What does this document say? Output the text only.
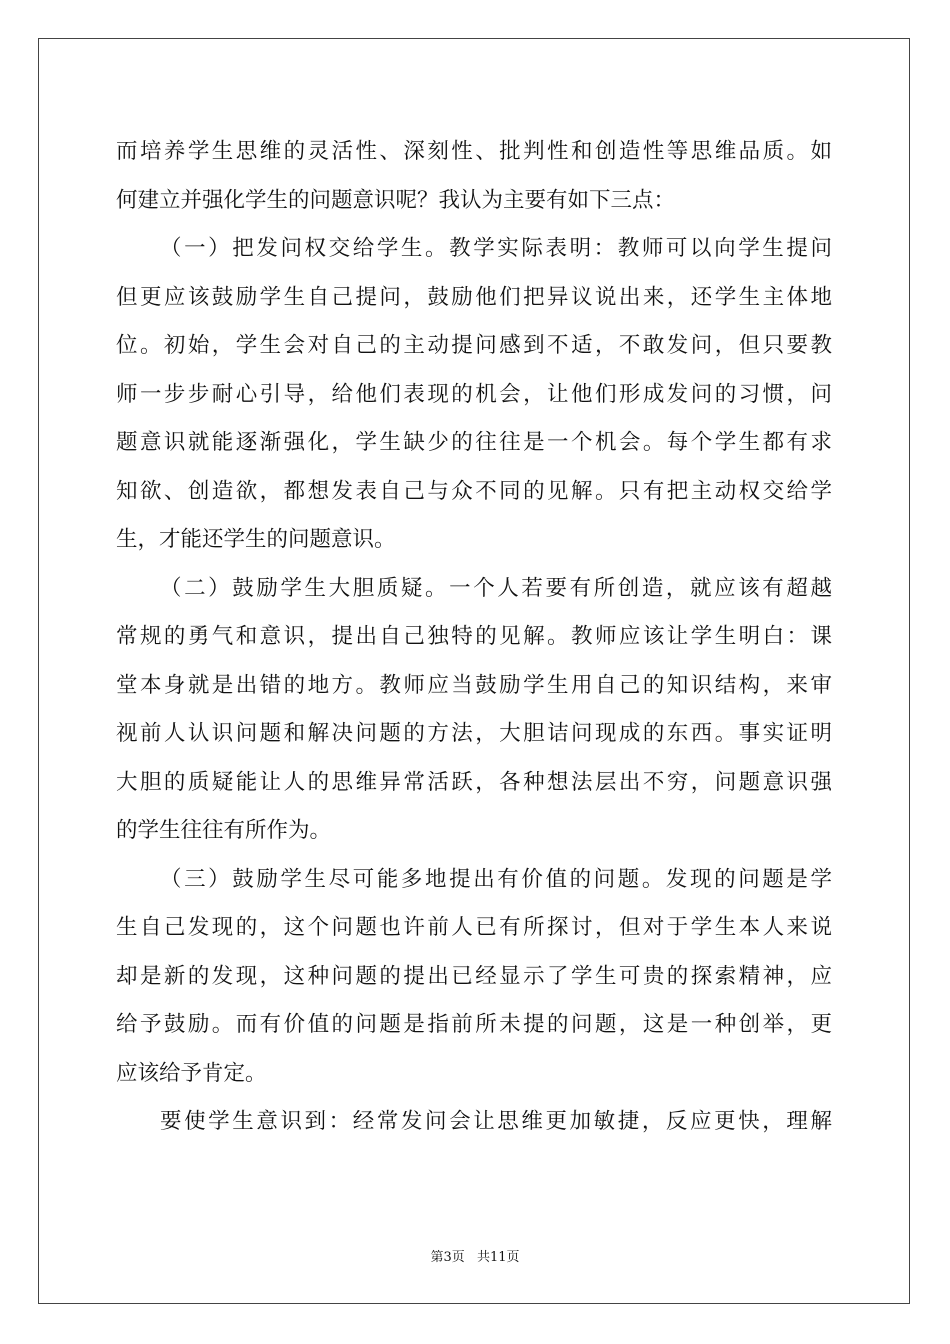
而培养学生思维的灵活性、深刻性、批判性和创造性等思维品质。如
何建立并强化学生的问题意识呢？我认为主要有如下三点：
（一）把发问权交给学生。教学实际表明：教师可以向学生提问
但更应该鼓励学生自己提问，鼓励他们把异议说出来，还学生主体地
位。初始，学生会对自己的主动提问感到不适，不敢发问，但只要教
师一步步耐心引导，给他们表现的机会，让他们形成发问的习惯，问
题意识就能逐渐强化，学生缺少的往往是一个机会。每个学生都有求
知欲、创造欲，都想发表自己与众不同的见解。只有把主动权交给学
生，才能还学生的问题意识。
（二）鼓励学生大胆质疑。一个人若要有所创造，就应该有超越
常规的勇气和意识，提出自己独特的见解。教师应该让学生明白：课
堂本身就是出错的地方。教师应当鼓励学生用自己的知识结构，来审
视前人认识问题和解决问题的方法，大胆诘问现成的东西。事实证明
大胆的质疑能让人的思维异常活跃，各种想法层出不穷，问题意识强
的学生往往有所作为。
（三）鼓励学生尽可能多地提出有价值的问题。发现的问题是学
生自己发现的，这个问题也许前人已有所探讨，但对于学生本人来说
却是新的发现，这种问题的提出已经显示了学生可贵的探索精神，应
给予鼓励。而有价值的问题是指前所未提的问题，这是一种创举，更
应该给予肯定。
要使学生意识到：经常发问会让思维更加敏捷，反应更快，理解
第3页 共11页
